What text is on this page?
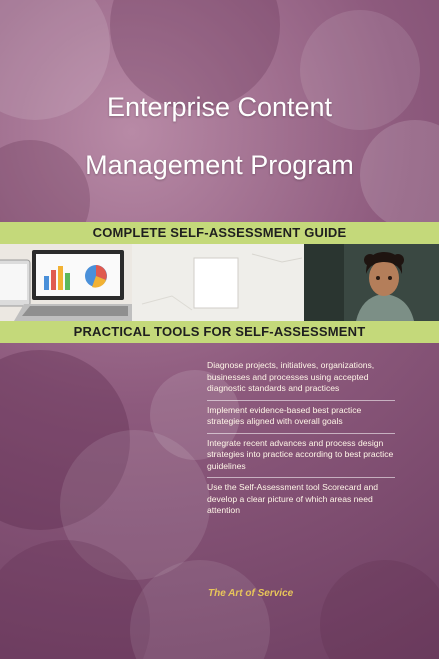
Enterprise Content
Management Program
COMPLETE SELF-ASSESSMENT GUIDE
PRACTICAL TOOLS FOR SELF-ASSESSMENT
Diagnose projects, initiatives, organizations, businesses and processes using accepted diagnostic standards and practices
Implement evidence-based best practice strategies aligned with overall goals
Integrate recent advances and process design strategies into practice according to best practice guidelines
Use the Self-Assessment tool Scorecard and develop a clear picture of which areas need attention
The Art of Service
